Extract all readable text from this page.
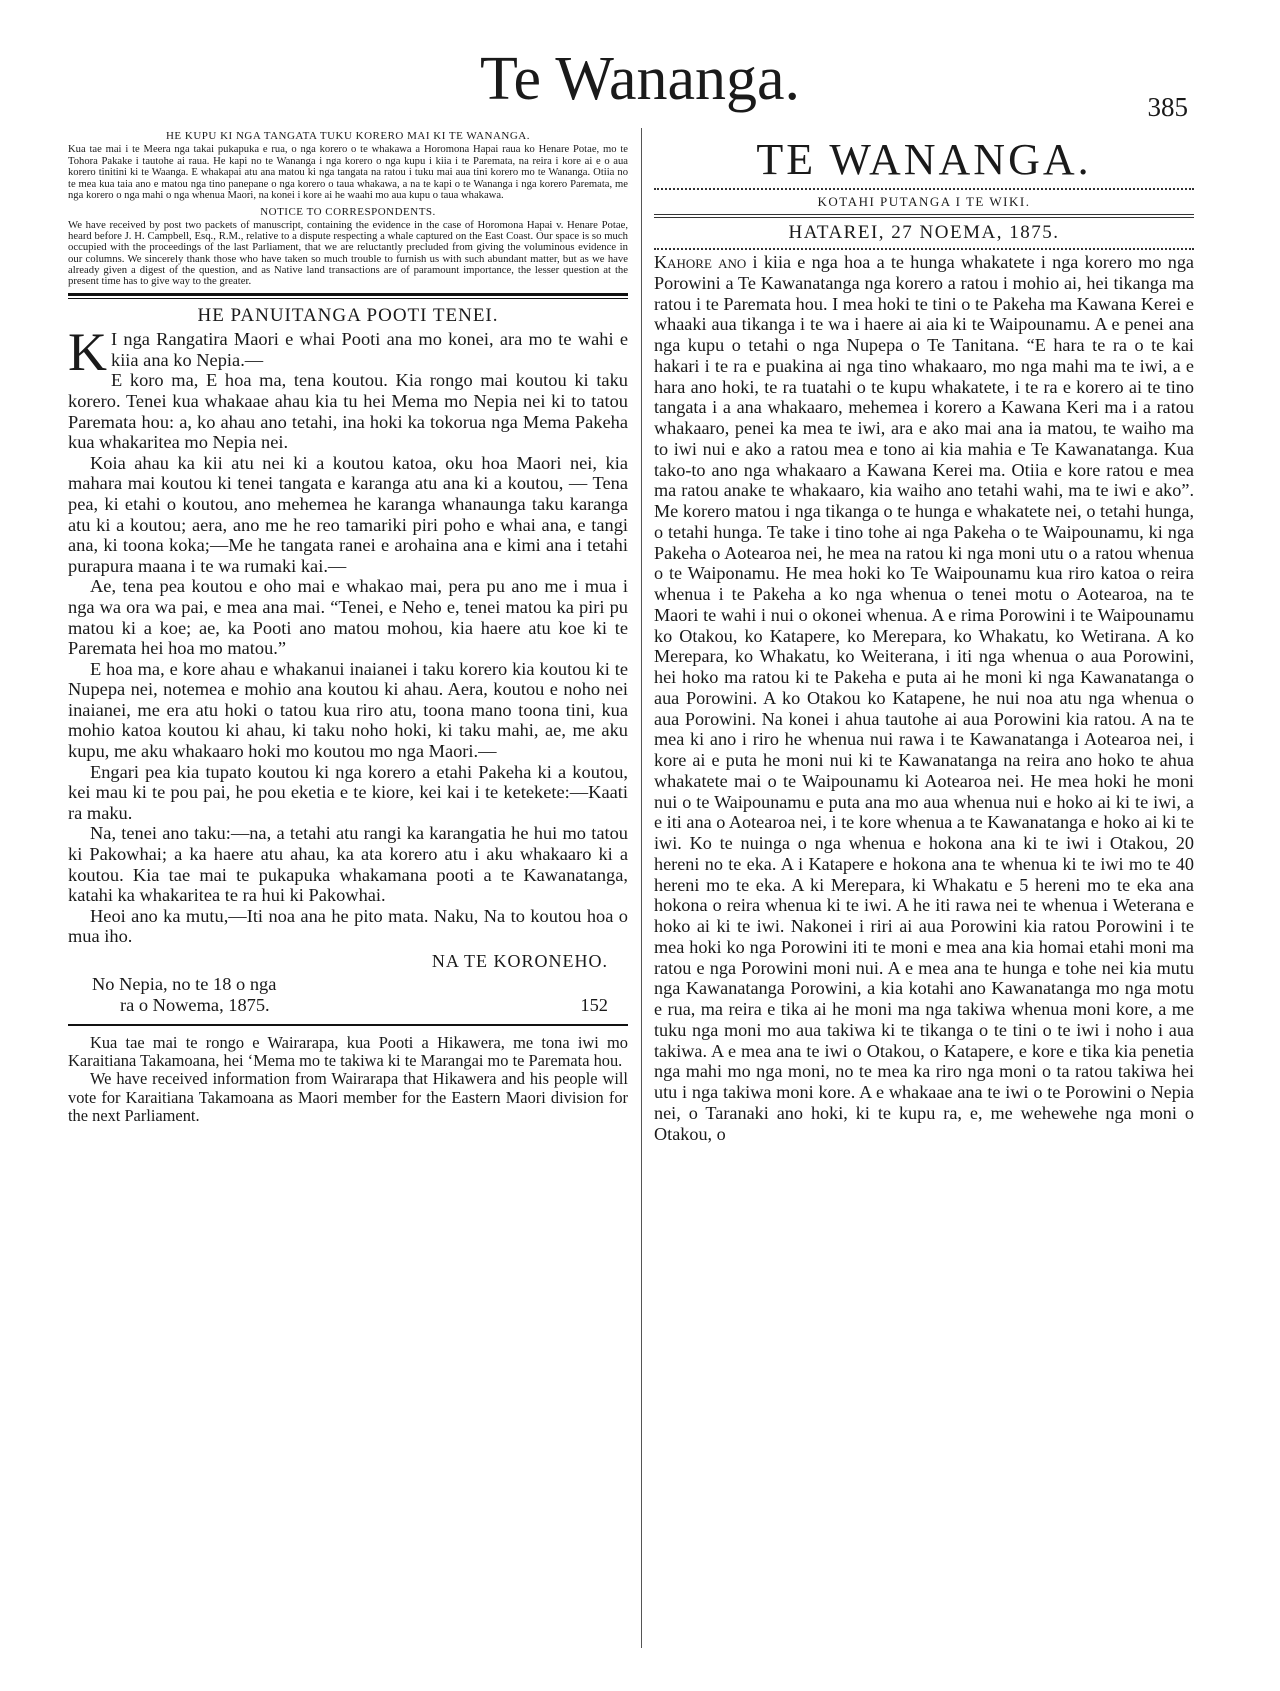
Te Wananga.	385
HE KUPU KI NGA TANGATA TUKU KORERO MAI KI TE WANANGA.

Kua tae mai i te Meera nga takai pukapuka e rua, o nga korero o te whakawa a Horomona Hapai raua ko Henare Potae, mo te Tohora Pakake i tautohe ai raua. He kapi no te Wananga i nga korero o nga kupu i kiia i te Paremata, na reira i kore ai e o aua korero tinitini ki te Waanga. E whakapai atu ana matou ki nga tangata na ratou i tuku mai aua tini korero mo te Wananga. Otiia no te mea kua taia ano e matou nga tino panepane o nga korero o taua whakawa, a na te kapi o te Wananga i nga korero Paremata, me nga korero o nga mahi o nga whenua Maori, na konei i kore ai he waahi mo aua kupu o taua whakawa.

NOTICE TO CORRESPONDENTS.

We have received by post two packets of manuscript, containing the evidence in the case of Horomona Hapai v. Henare Potae, heard before J. H. Campbell, Esq., R.M., relative to a dispute respecting a whale captured on the East Coast. Our space is so much occupied with the proceedings of the last Parliament, that we are reluctantly precluded from giving the voluminous evidence in our columns. We sincerely thank those who have taken so much trouble to furnish us with such abundant matter, but as we have already given a digest of the question, and as Native land transactions are of paramount importance, the lesser question at the present time has to give way to the greater.

HE PANUITANGA POOTI TENEI.
K I nga Rangatira Maori e whai Pooti ana mo konei, ara mo te wahi e kiia ana ko Nepia.—

E koro ma, E hoa ma, tena koutou. Kia rongo mai koutou ki taku korero. Tenei kua whakaae ahau kia tu hei Mema mo Nepia nei ki to tatou Paremata hou: a, ko ahau ano tetahi, ina hoki ka tokorua nga Mema Pakeha kua whakaritea mo Nepia nei.

Koia ahau ka kii atu nei ki a koutou katoa, oku hoa Maori nei, kia mahara mai koutou ki tenei tangata e karanga atu ana ki a koutou, — Tena pea, ki etahi o koutou, ano mehemea he karanga whanaunga taku karanga atu ki a koutou; aera, ano me he reo tamariki piri poho e whai ana, e tangi ana, ki toona koka;—Me he tangata ranei e arohaina ana e kimi ana i tetahi purapura maana i te wa rumaki kai.—

Ae, tena pea koutou e oho mai e whakao mai, pera pu ano me i mua i nga wa ora wa pai, e mea ana mai. “Tenei, e Neho e, tenei matou ka piri pu matou ki a koe; ae, ka Pooti ano matou mohou, kia haere atu koe ki te Paremata hei hoa mo matou.”

E hoa ma, e kore ahau e whakanui inaianei i taku korero kia koutou ki te Nupepa nei, notemea e mohio ana koutou ki ahau. Aera, koutou e noho nei inaianei, me era atu hoki o tatou kua riro atu, toona mano toona tini, kua mohio katoa koutou ki ahau, ki taku noho hoki, ki taku mahi, ae, me aku kupu, me aku whakaaro hoki mo koutou mo nga Maori.—

Engari pea kia tupato koutou ki nga korero a etahi Pakeha ki a koutou, kei mau ki te pou pai, he pou eketia e te kiore, kei kai i te ketekete:—Kaati ra maku.

Na, tenei ano taku:—na, a tetahi atu rangi ka karangatia he hui mo tatou ki Pakowhai; a ka haere atu ahau, ka ata korero atu i aku whakaaro ki a koutou. Kia tae mai te pukapuka whakamana pooti a te Kawanatanga, katahi ka whakaritea te ra hui ki Pakowhai.

Heoi ano ka mutu,—Iti noa ana he pito mata. Naku, Na to koutou hoa o mua iho.

NA TE KORONEHO.
No Nepia, no te 18 o nga
ra o Nowema, 1875.	152

Kua tae mai te rongo e Wairarapa, kua Pooti a Hikawera, me tona iwi mo Karaitiana Takamoana, hei ‘Mema mo te takiwa ki te Marangai mo te Paremata hou.

We have received information from Wairarapa that Hikawera and his people will vote for Karaitiana Takamoana as Maori member for the Eastern Maori division for the next Parliament.

TE WANANGA.
KOTAHI PUTANGA I TE WIKI.
HATAREI, 27 NOEMA, 1875.

Kahore ano i kiia e nga hoa a te hunga whakatete i nga korero mo nga Porowini a Te Kawanatanga nga korero a ratou i mohio ai, hei tikanga ma ratou i te Paremata hou. I mea hoki te tini o te Pakeha ma Kawana Kerei e whaaki aua tikanga i te wa i haere ai aia ki te Waipounamu. A e penei ana nga kupu o tetahi o nga Nupepa o Te Tanitana. “E hara te ra o te kai hakari i te ra e puakina ai nga tino whakaaro, mo nga mahi ma te iwi, a e hara ano hoki, te ra tuatahi o te kupu whakatete, i te ra e korero ai te tino tangata i a ana whakaaro, mehemea i korero a Kawana Keri ma i a ratou whakaaro, penei ka mea te iwi, ara e ako mai ana ia matou, te waiho ma to iwi nui e ako a ratou mea e tono ai kia mahia e Te Kawanatanga. Kua tako-to ano nga whakaaro a Kawana Kerei ma. Otiia e kore ratou e mea ma ratou anake te whakaaro, kia waiho ano tetahi wahi, ma te iwi e ako”. Me korero matou i nga tikanga o te hunga e whakatete nei, o tetahi hunga, o tetahi hunga. Te take i tino tohe ai nga Pakeha o te Waipounamu, ki nga Pakeha o Aotearoa nei, he mea na ratou ki nga moni utu o a ratou whenua o te Waiponamu. He mea hoki ko Te Waipounamu kua riro katoa o reira whenua i te Pakeha a ko nga whenua o tenei motu o Aotearoa, na te Maori te wahi i nui o okonei whenua. A e rima Porowini i te Waipounamu ko Otakou, ko Katapere, ko Merepara, ko Whakatu, ko Wetirana. A ko Merepara, ko Whakatu, ko Weiterana, i iti nga whenua o aua Porowini, hei hoko ma ratou ki te Pakeha e puta ai he moni ki nga Kawanatanga o aua Porowini. A ko Otakou ko Katapene, he nui noa atu nga whenua o aua Porowini. Na konei i ahua tautohe ai aua Porowini kia ratou. A na te mea ki ano i riro he whenua nui rawa i te Kawanatanga i Aotearoa nei, i kore ai e puta he moni nui ki te Kawanatanga na reira ano hoko te ahua whakatete mai o te Waipounamu ki Aotearoa nei. He mea hoki he moni nui o te Waipounamu e puta ana mo aua whenua nui e hoko ai ki te iwi, a e iti ana o Aotearoa nei, i te kore whenua a te Kawanatanga e hoko ai ki te iwi. Ko te nuinga o nga whenua e hokona ana ki te iwi i Otakou, 20 hereni no te eka. A i Katapere e hokona ana te whenua ki te iwi mo te 40 hereni mo te eka. A ki Merepara, ki Whakatu e 5 hereni mo te eka ana hokona o reira whenua ki te iwi. A he iti rawa nei te whenua i Weterana e hoko ai ki te iwi. Nakonei i riri ai aua Porowini kia ratou Porowini i te mea hoki ko nga Porowini iti te moni e mea ana kia homai etahi moni ma ratou e nga Porowini moni nui. A e mea ana te hunga e tohe nei kia mutu nga Kawanatanga Porowini, a kia kotahi ano Kawanatanga mo nga motu e rua, ma reira e tika ai he moni ma nga takiwa whenua moni kore, a me tuku nga moni mo aua takiwa ki te tikanga o te tini o te iwi i noho i aua takiwa. A e mea ana te iwi o Otakou, o Katapere, e kore e tika kia penetia nga mahi mo nga moni, no te mea ka riro nga moni o ta ratou takiwa hei utu i nga takiwa moni kore. A e whakaae ana te iwi o te Porowini o Nepia nei, o Taranaki ano hoki, ki te kupu ra, e, me wehewehe nga moni o Otakou, o
